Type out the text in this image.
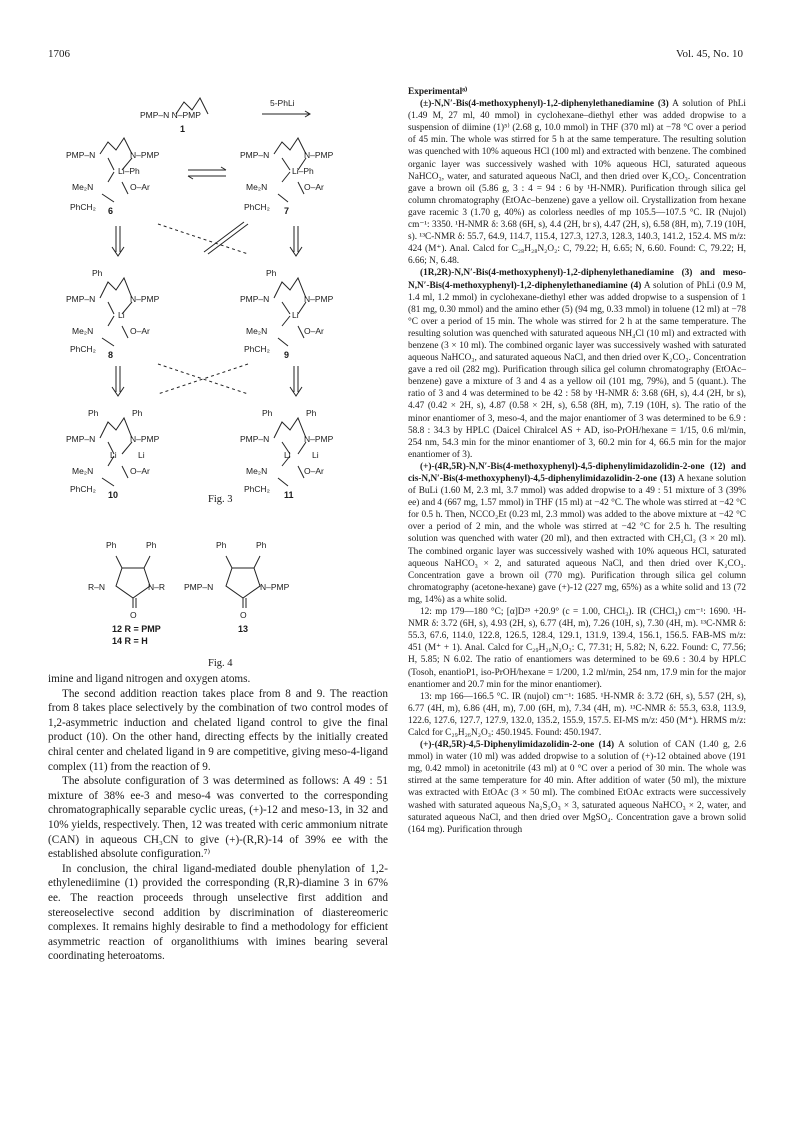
1706	Vol. 45, No. 10
PMP–N N–PMP
5-PhLi
1
PMP–N	N–PMP
Li–Ph
Me₂N	O–Ar
PhCH₂ 6
PMP–N	N–PMP
Li–Ph
Me₂N	O–Ar
PhCH₂ 7
Ph
PMP–N	N–PMP
Li
Me₂N	O–Ar
PhCH₂
8
Ph
PMP–N	N–PMP
Li
Me₂N	O–Ar
PhCH₂
9
Ph	Ph
PMP–N	N–PMP
Li	Li
Me₂N	O–Ar
PhCH₂
10
Ph	Ph
PMP–N	N–PMP
Li	Li
Me₂N	O–Ar
PhCH₂
11
Fig. 3
Ph	Ph
R–N	N–R
O
Ph	Ph
PMP–N	N–PMP
O
12 R = PMP
14 R = H
13
Fig. 4

imine and ligand nitrogen and oxygen atoms.

The second addition reaction takes place from 8 and 9. The reaction from 8 takes place selectively by the combination of two control modes of 1,2-asymmetric induction and chelated ligand control to give the final product (10). On the other hand, directing effects by the initially created chiral center and chelated ligand in 9 are competitive, giving meso-4-ligand complex (11) from the reaction of 9.

The absolute configuration of 3 was determined as follows: A 49 : 51 mixture of 38% ee-3 and meso-4 was converted to the corresponding chromatographically separable cyclic ureas, (+)-12 and meso-13, in 32 and 10% yields, respectively. Then, 12 was treated with ceric ammonium nitrate (CAN) in aqueous CH₃CN to give (+)-(R,R)-14 of 39% ee with the established absolute configuration.⁷⁾

In conclusion, the chiral ligand-mediated double phenylation of 1,2-ethylenediimine (1) provided the corresponding (R,R)-diamine 3 in 67% ee. The reaction proceeds through unselective first addition and stereoselective second addition by discrimination of diastereomeric complexes. It remains highly desirable to find a methodology for efficient asymmetric reaction of organolithiums with imines bearing several coordinating heteroatoms.

Experimental⁸⁾

(±)-N,N′-Bis(4-methoxyphenyl)-1,2-diphenylethanediamine (3) A solution of PhLi (1.49 M, 27 ml, 40 mmol) in cyclohexane–diethyl ether was added dropwise to a suspension of diimine (1)⁵⁾ (2.68 g, 10.0 mmol) in THF (370 ml) at −78 °C over a period of 45 min. The whole was stirred for 5 h at the same temperature. The resulting solution was quenched with 10% aqueous HCl (100 ml) and extracted with benzene. The combined organic layer was successively washed with 10% aqueous HCl, saturated aqueous NaHCO₃, water, and saturated aqueous NaCl, and then dried over K₂CO₃. Concentration gave a brown oil (5.86 g, 3 : 4 = 94 : 6 by ¹H-NMR). Purification through silica gel column chromatography (EtOAc–benzene) gave a yellow oil. Crystallization from hexane gave racemic 3 (1.70 g, 40%) as colorless needles of mp 105.5—107.5 °C. IR (Nujol) cm⁻¹: 3350. ¹H-NMR δ: 3.68 (6H, s), 4.4 (2H, br s), 4.47 (2H, s), 6.58 (8H, m), 7.19 (10H, s). ¹³C-NMR δ: 55.7, 64.9, 114.7, 115.4, 127.3, 127.3, 128.3, 140.3, 141.2, 152.4. MS m/z: 424 (M⁺). Anal. Calcd for C₂₈H₂₈N₂O₂: C, 79.22; H, 6.65; N, 6.60. Found: C, 79.22; H, 6.66; N, 6.48.

(1R,2R)-N,N′-Bis(4-methoxyphenyl)-1,2-diphenylethanediamine (3) and meso-N,N′-Bis(4-methoxyphenyl)-1,2-diphenylethanediamine (4) A solution of PhLi (0.9 M, 1.4 ml, 1.2 mmol) in cyclohexane-diethyl ether was added dropwise to a suspension of 1 (81 mg, 0.30 mmol) and the amino ether (5) (94 mg, 0.33 mmol) in toluene (12 ml) at −78 °C over a period of 15 min. The whole was stirred for 2 h at the same temperature. The resulting solution was quenched with saturated aqueous NH₄Cl (10 ml) and extracted with benzene (3 × 10 ml). The combined organic layer was successively washed with saturated aqueous NaHCO₃, and saturated aqueous NaCl, and then dried over K₂CO₃. Concentration gave a red oil (282 mg). Purification through silica gel column chromatography (EtOAc–benzene) gave a mixture of 3 and 4 as a yellow oil (101 mg, 79%), and 5 (quant.). The ratio of 3 and 4 was determined to be 42 : 58 by ¹H-NMR δ: 3.68 (6H, s), 4.4 (2H, br s), 4.47 (0.42 × 2H, s), 4.87 (0.58 × 2H, s), 6.58 (8H, m), 7.19 (10H, s). The ratio of the minor enantiomer of 3, meso-4, and the major enantiomer of 3 was determined to be 6.9 : 58.8 : 34.3 by HPLC (Daicel Chiralcel AS + AD, iso-PrOH/hexane = 1/15, 0.6 ml/min, 254 nm, 54.3 min for the minor enantiomer of 3, 60.2 min for 4, 66.5 min for the major enantiomer of 3).

(+)-(4R,5R)-N,N′-Bis(4-methoxyphenyl)-4,5-diphenylimidazolidin-2-one (12) and cis-N,N′-Bis(4-methoxyphenyl)-4,5-diphenylimidazolidin-2-one (13) A hexane solution of BuLi (1.60 M, 2.3 ml, 3.7 mmol) was added dropwise to a 49 : 51 mixture of 3 (39% ee) and 4 (667 mg, 1.57 mmol) in THF (15 ml) at −42 °C. The whole was stirred at −42 °C for 0.5 h. Then, NCCO₂Et (0.23 ml, 2.3 mmol) was added to the above mixture at −42 °C over a period of 2 min, and the whole was stirred at −42 °C for 2.5 h. The resulting solution was quenched with water (20 ml), and then extracted with CH₂Cl₂ (3 × 20 ml). The combined organic layer was successively washed with 10% aqueous HCl, saturated aqueous NaHCO₃ × 2, and saturated aqueous NaCl, and then dried over K₂CO₃. Concentration gave a brown oil (770 mg). Purification through silica gel column chromatography (acetone-hexane) gave (+)-12 (227 mg, 65%) as a white solid and 13 (72 mg, 14%) as a white solid.

12: mp 179—180 °C; [α]D²⁵ +20.9° (c = 1.00, CHCl₃). IR (CHCl₃) cm⁻¹: 1690. ¹H-NMR δ: 3.72 (6H, s), 4.93 (2H, s), 6.77 (4H, m), 7.26 (10H, s), 7.30 (4H, m). ¹³C-NMR δ: 55.3, 67.6, 114.0, 122.8, 126.5, 128.4, 129.1, 131.9, 139.4, 156.1, 156.5. FAB-MS m/z: 451 (M⁺ + 1). Anal. Calcd for C₂₉H₂₆N₂O₃: C, 77.31; H, 5.82; N, 6.22. Found: C, 77.56; H, 5.85; N 6.02. The ratio of enantiomers was determined to be 69.6 : 30.4 by HPLC (Tosoh, enantioP1, iso-PrOH/hexane = 1/200, 1.2 ml/min, 254 nm, 17.9 min for the major enantiomer and 20.7 min for the minor enantiomer).

13: mp 166—166.5 °C. IR (nujol) cm⁻¹: 1685. ¹H-NMR δ: 3.72 (6H, s), 5.57 (2H, s), 6.77 (4H, m), 6.86 (4H, m), 7.00 (6H, m), 7.34 (4H, m). ¹³C-NMR δ: 55.3, 63.8, 113.9, 122.6, 127.6, 127.7, 127.9, 132.0, 135.2, 155.9, 157.5. EI-MS m/z: 450 (M⁺). HRMS m/z: Calcd for C₂₉H₂₆N₂O₃: 450.1945. Found: 450.1947.

(+)-(4R,5R)-4,5-Diphenylimidazolidin-2-one (14) A solution of CAN (1.40 g, 2.6 mmol) in water (10 ml) was added dropwise to a solution of (+)-12 obtained above (191 mg, 0.42 mmol) in acetonitrile (43 ml) at 0 °C over a period of 30 min. The whole was stirred at the same temperature for 40 min. After addition of water (50 ml), the mixture was extracted with EtOAc (3 × 50 ml). The combined EtOAc extracts were successively washed with saturated aqueous Na₂S₂O₃ × 3, saturated aqueous NaHCO₃ × 2, water, and saturated aqueous NaCl, and then dried over MgSO₄. Concentration gave a brown solid (164 mg). Purification through
